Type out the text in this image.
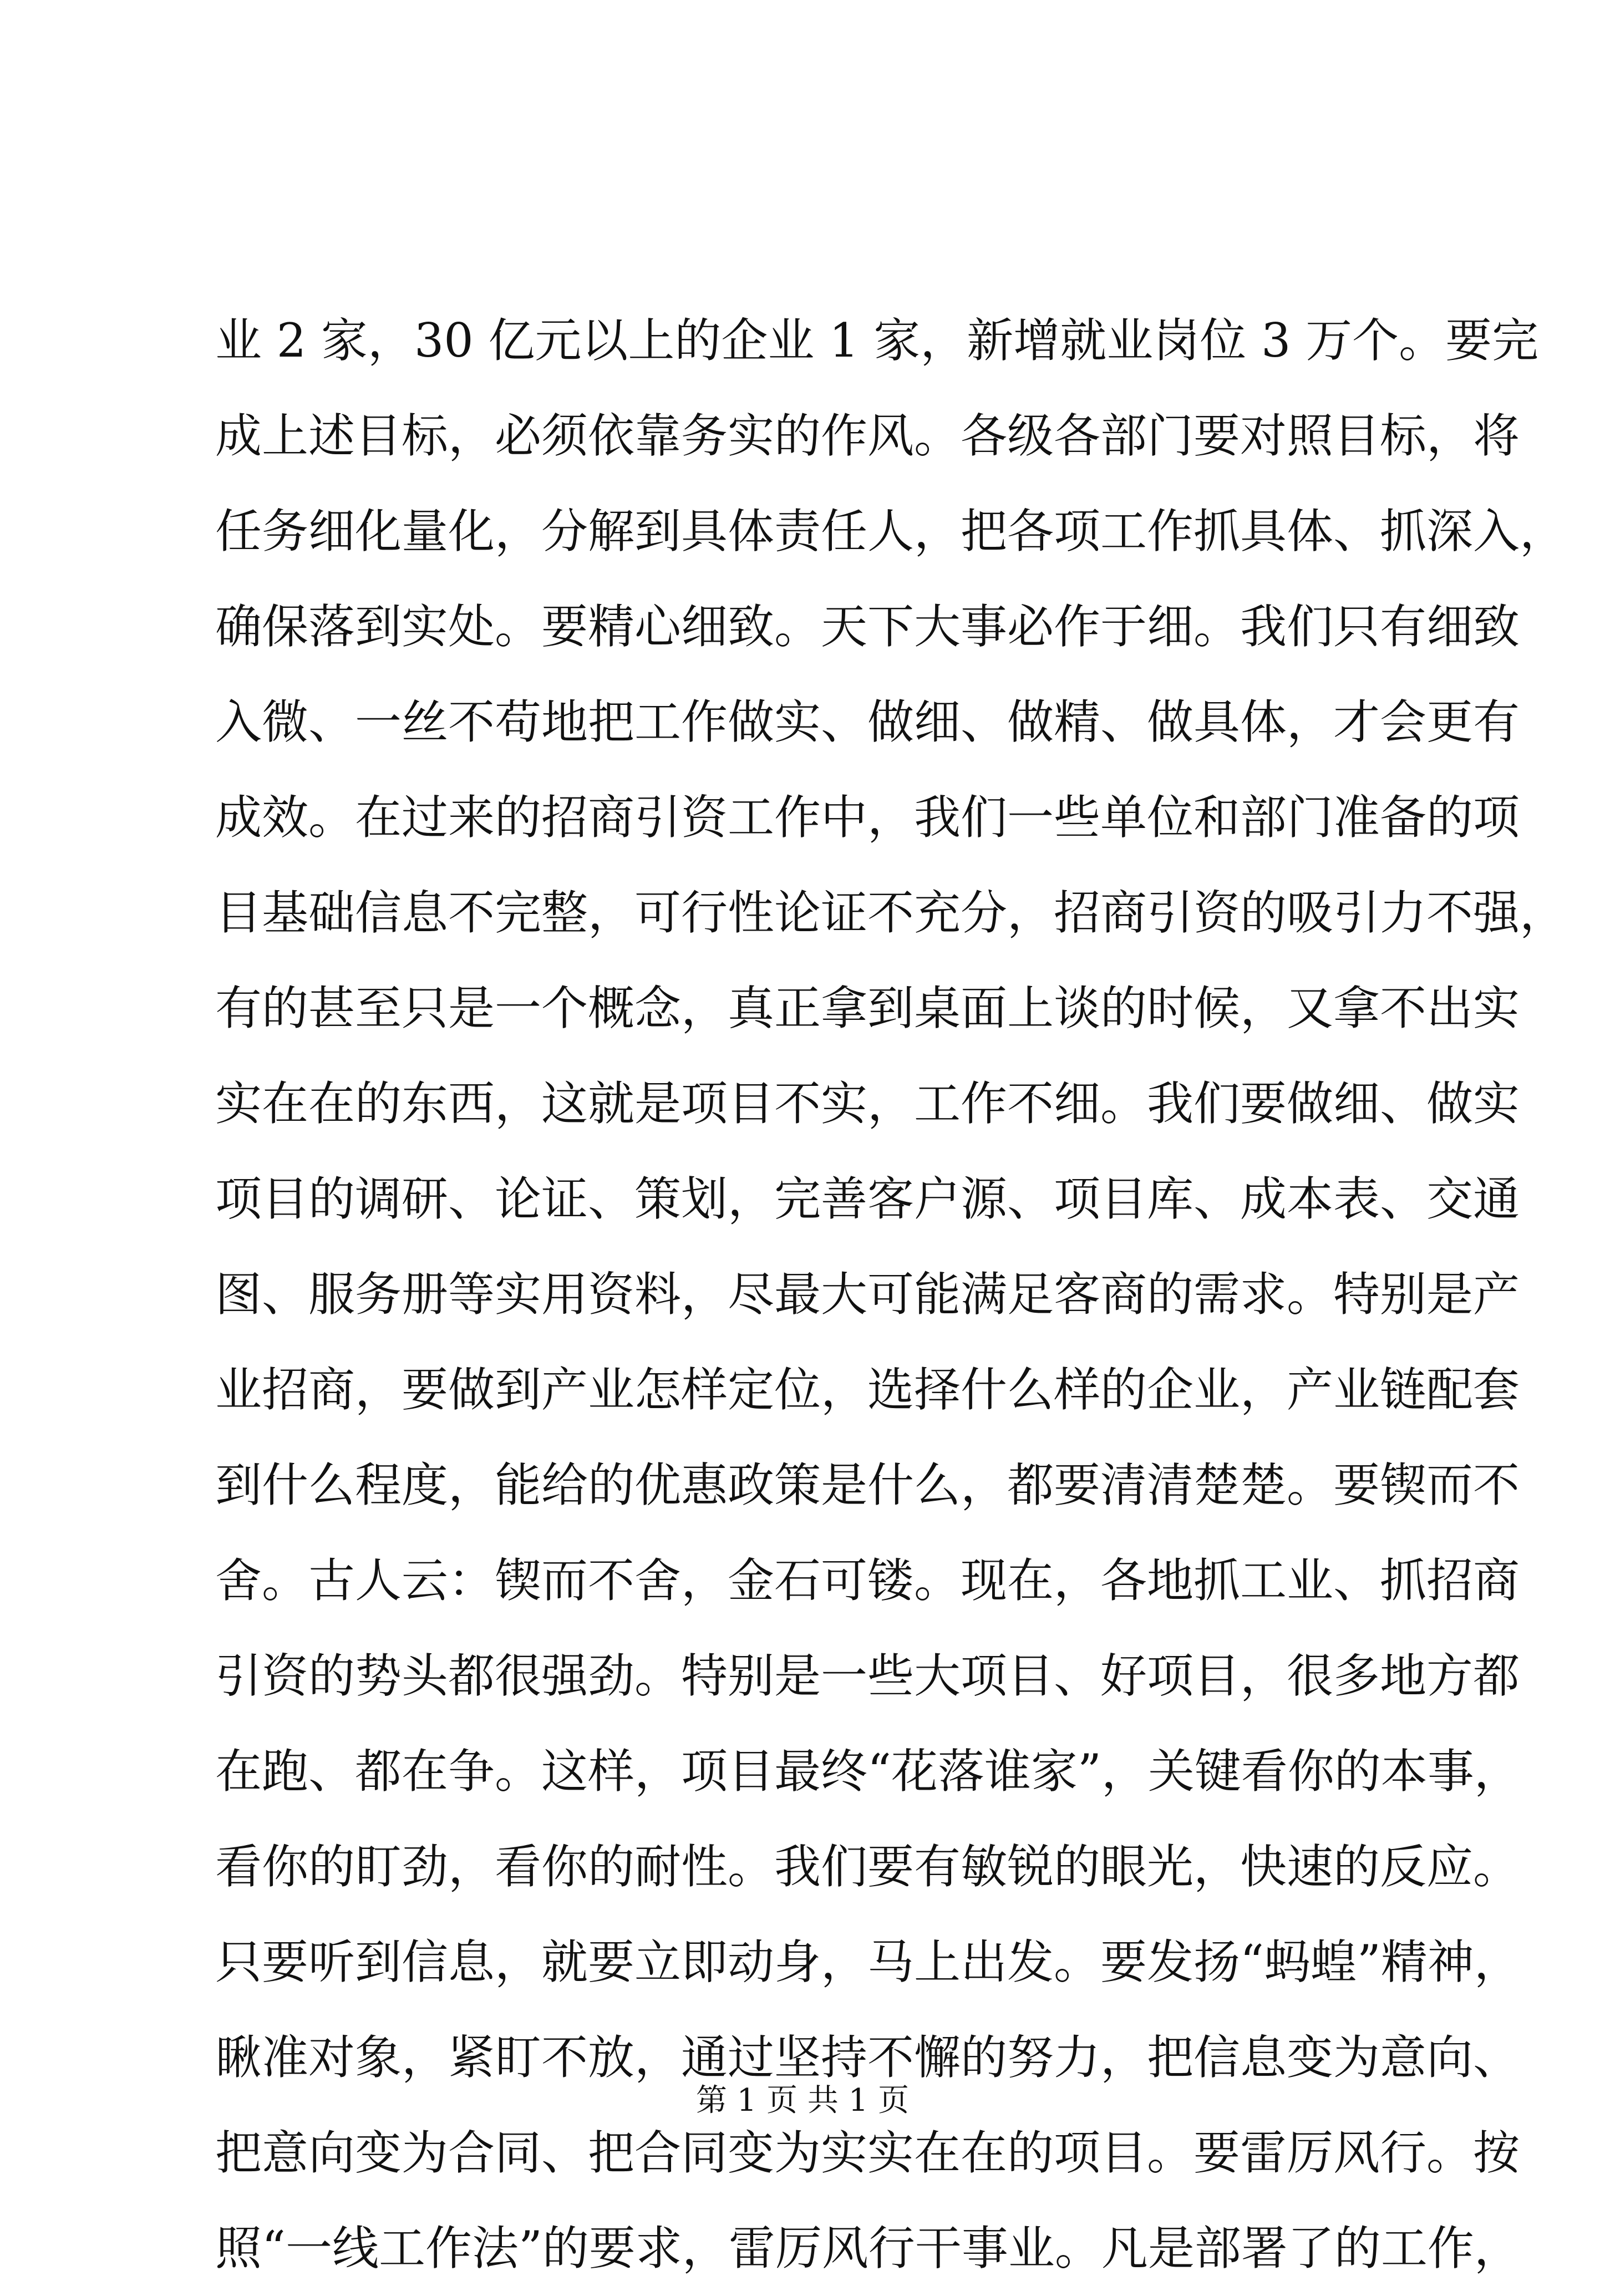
业 2 家，30 亿元以上的企业 1 家，新增就业岗位 3 万个。要完
成上述目标，必须依靠务实的作风。各级各部门要对照目标，将
任务细化量化，分解到具体责任人，把各项工作抓具体、抓深入，
确保落到实处。要精心细致。天下大事必作于细。我们只有细致
入微、一丝不苟地把工作做实、做细、做精、做具体，才会更有
成效。在过来的招商引资工作中，我们一些单位和部门准备的项
目基础信息不完整，可行性论证不充分，招商引资的吸引力不强，
有的甚至只是一个概念，真正拿到桌面上谈的时候，又拿不出实
实在在的东西，这就是项目不实，工作不细。我们要做细、做实
项目的调研、论证、策划，完善客户源、项目库、成本表、交通
图、服务册等实用资料，尽最大可能满足客商的需求。特别是产
业招商，要做到产业怎样定位，选择什么样的企业，产业链配套
到什么程度，能给的优惠政策是什么，都要清清楚楚。要锲而不
舍。古人云：锲而不舍，金石可镂。现在，各地抓工业、抓招商
引资的势头都很强劲。特别是一些大项目、好项目，很多地方都
在跑、都在争。这样，项目最终“花落谁家”，关键看你的本事，
看你的盯劲，看你的耐性。我们要有敏锐的眼光，快速的反应。
只要听到信息，就要立即动身，马上出发。要发扬“蚂蝗”精神，
瞅准对象，紧盯不放，通过坚持不懈的努力，把信息变为意向、
把意向变为合同、把合同变为实实在在的项目。要雷厉风行。按
照“一线工作法”的要求，雷厉风行干事业。凡是部署了的工作，
第 1 页 共 1 页
